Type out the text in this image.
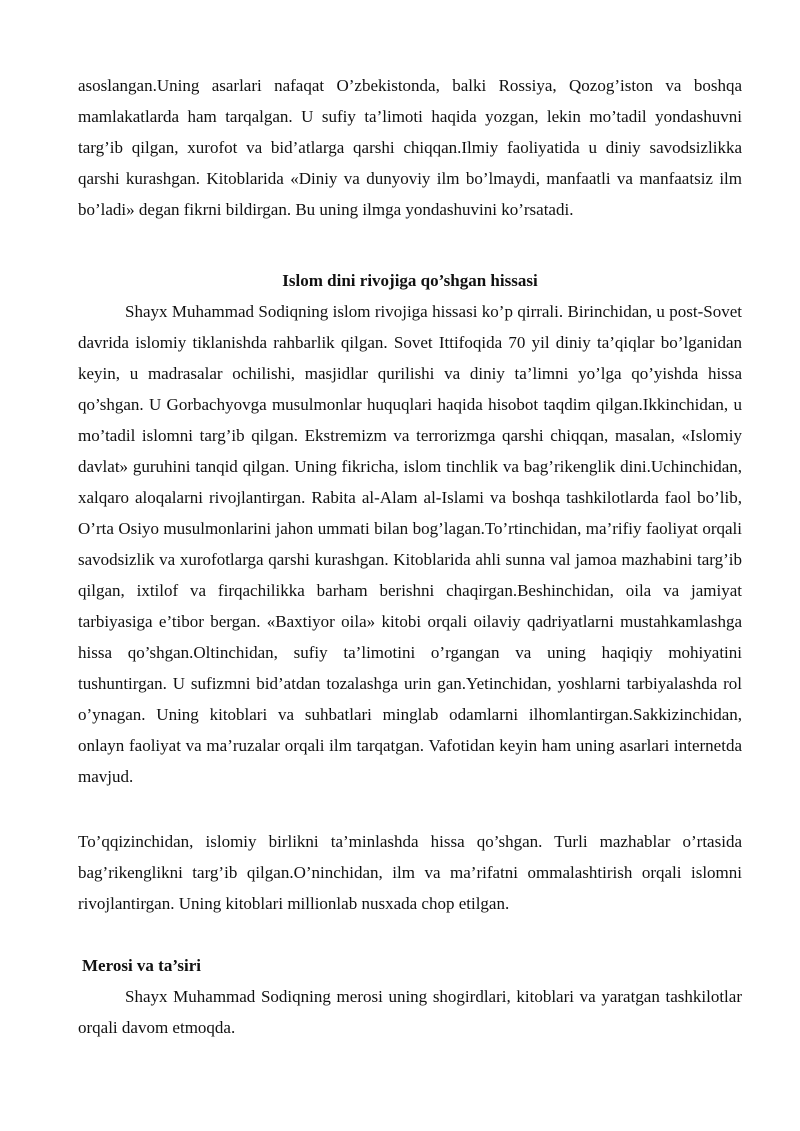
asoslangan.Uning asarlari nafaqat O’zbekistonda, balki Rossiya, Qozog’iston va boshqa mamlakatlarda ham tarqalgan. U sufiy ta’limoti haqida yozgan, lekin mo’tadil yondashuvni targ’ib qilgan, xurofot va bid’atlarga qarshi chiqqan.Ilmiy faoliyatida u diniy savodsizlikka qarshi kurashgan. Kitoblarida «Diniy va dunyoviy ilm bo’lmaydi, manfaatli va manfaatsiz ilm bo’ladi» degan fikrni bildirgan. Bu uning ilmga yondashuvini ko’rsatadi.

Islom dini rivojiga qo’shgan hissasi

Shayx Muhammad Sodiqning islom rivojiga hissasi ko’p qirrali. Birinchidan, u post-Sovet davrida islomiy tiklanishda rahbarlik qilgan. Sovet Ittifoqida 70 yil diniy ta’qiqlar bo’lganidan keyin, u madrasalar ochilishi, masjidlar qurilishi va diniy ta’limni yo’lga qo’yishda hissa qo’shgan. U Gorbachyovga musulmonlar huquqlari haqida hisobot taqdim qilgan.Ikkinchidan, u mo’tadil islomni targ’ib qilgan. Ekstremizm va terrorizmga qarshi chiqqan, masalan, «Islomiy davlat» guruhini tanqid qilgan. Uning fikricha, islom tinchlik va bag’rikenglik dini.Uchinchidan, xalqaro aloqalarni rivojlantirgan. Rabita al-Alam al-Islami va boshqa tashkilotlarda faol bo’lib, O’rta Osiyo musulmonlarini jahon ummati bilan bog’lagan.To’rtinchidan, ma’rifiy faoliyat orqali savodsizlik va xurofotlarga qarshi kurashgan. Kitoblarida ahli sunna val jamoa mazhabini targ’ib qilgan, ixtilof va firqachilikka barham berishni chaqirgan.Beshinchidan, oila va jamiyat tarbiyasiga e’tibor bergan. «Baxtiyor oila» kitobi orqali oilaviy qadriyatlarni mustahkamlashga hissa qo’shgan.Oltinchidan, sufiy ta’limotini o’rgangan va uning haqiqiy mohiyatini tushuntirgan. U sufizmni bid’atdan tozalashga urin gan.Yetinchidan, yoshlarni tarbiyalashda rol o’ynagan. Uning kitoblari va suhbatlari minglab odamlarni ilhomlantirgan.Sakkizinchidan, onlayn faoliyat va ma’ruzalar orqali ilm tarqatgan. Vafotidan keyin ham uning asarlari internetda mavjud.

To’qqizinchidan, islomiy birlikni ta’minlashda hissa qo’shgan. Turli mazhablar o’rtasida bag’rikenglikni targ’ib qilgan.O’ninchidan, ilm va ma’rifatni ommalashtirish orqali islomni rivojlantirgan. Uning kitoblari millionlab nusxada chop etilgan.

Merosi va ta’siri

Shayx Muhammad Sodiqning merosi uning shogirdlari, kitoblari va yaratgan tashkilotlar orqali davom etmoqda.
